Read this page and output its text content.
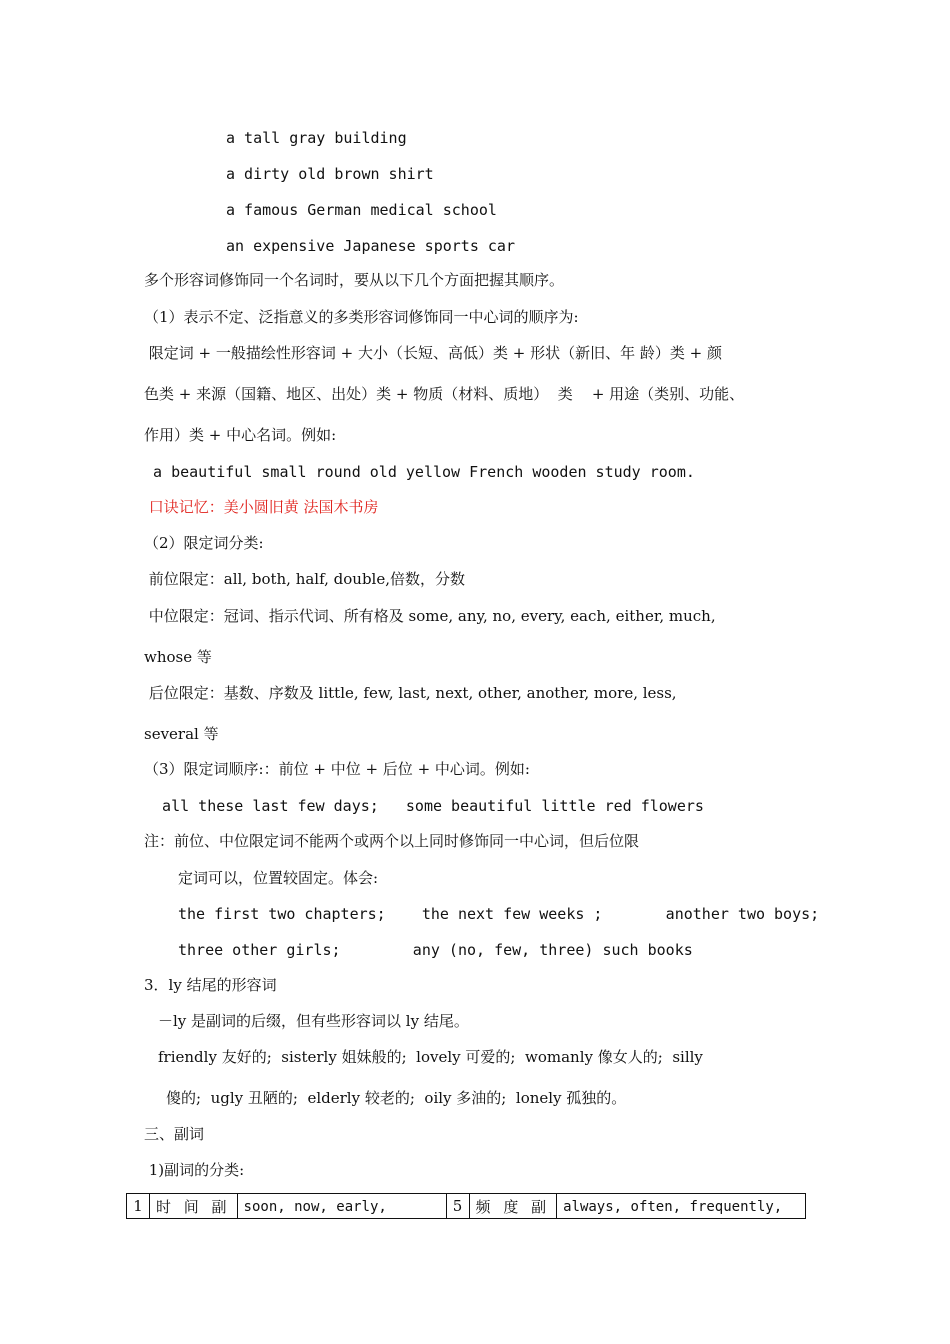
a tall gray building
a dirty old brown shirt
a famous German medical school
an expensive Japanese sports car
多个形容词修饰同一个名词时，要从以下几个方面把握其顺序。
（1）表示不定、泛指意义的多类形容词修饰同一中心词的顺序为:
限定词 + 一般描绘性形容词 + 大小（长短、高低）类 + 形状（新旧、年 龄）类 + 颜
色类 + 来源（国籍、地区、出处）类 + 物质（材料、质地）  类    + 用途（类别、功能、
作用）类 + 中心名词。例如:
a beautiful small round old yellow French wooden study room.
口诀记忆：美小圆旧黄 法国木书房
（2）限定词分类:
前位限定：all, both, half, double,倍数，分数
中位限定：冠词、指示代词、所有格及 some, any, no, every, each, either, much,
whose 等
后位限定：基数、序数及 little, few, last, next, other, another, more, less,
several 等
（3）限定词顺序:：前位 + 中位 + 后位 + 中心词。例如:
all these last few days;   some beautiful little red flowers
注：前位、中位限定词不能两个或两个以上同时修饰同一中心词，但后位限
定词可以，位置较固定。体会:
the first two chapters;    the next few weeks ;       another two boys;
three other girls;        any (no, few, three) such books
3．ly 结尾的形容词
－ly 是副词的后缀，但有些形容词以 ly 结尾。
friendly 友好的;  sisterly 姐妹般的;  lovely 可爱的;  womanly 像女人的;  silly
傻的;  ugly 丑陋的;  elderly 较老的;  oily 多油的;  lonely 孤独的。
三、副词
1)副词的分类:
1	时 间 副	soon, now, early,	5	频 度 副	always, often, frequently,
